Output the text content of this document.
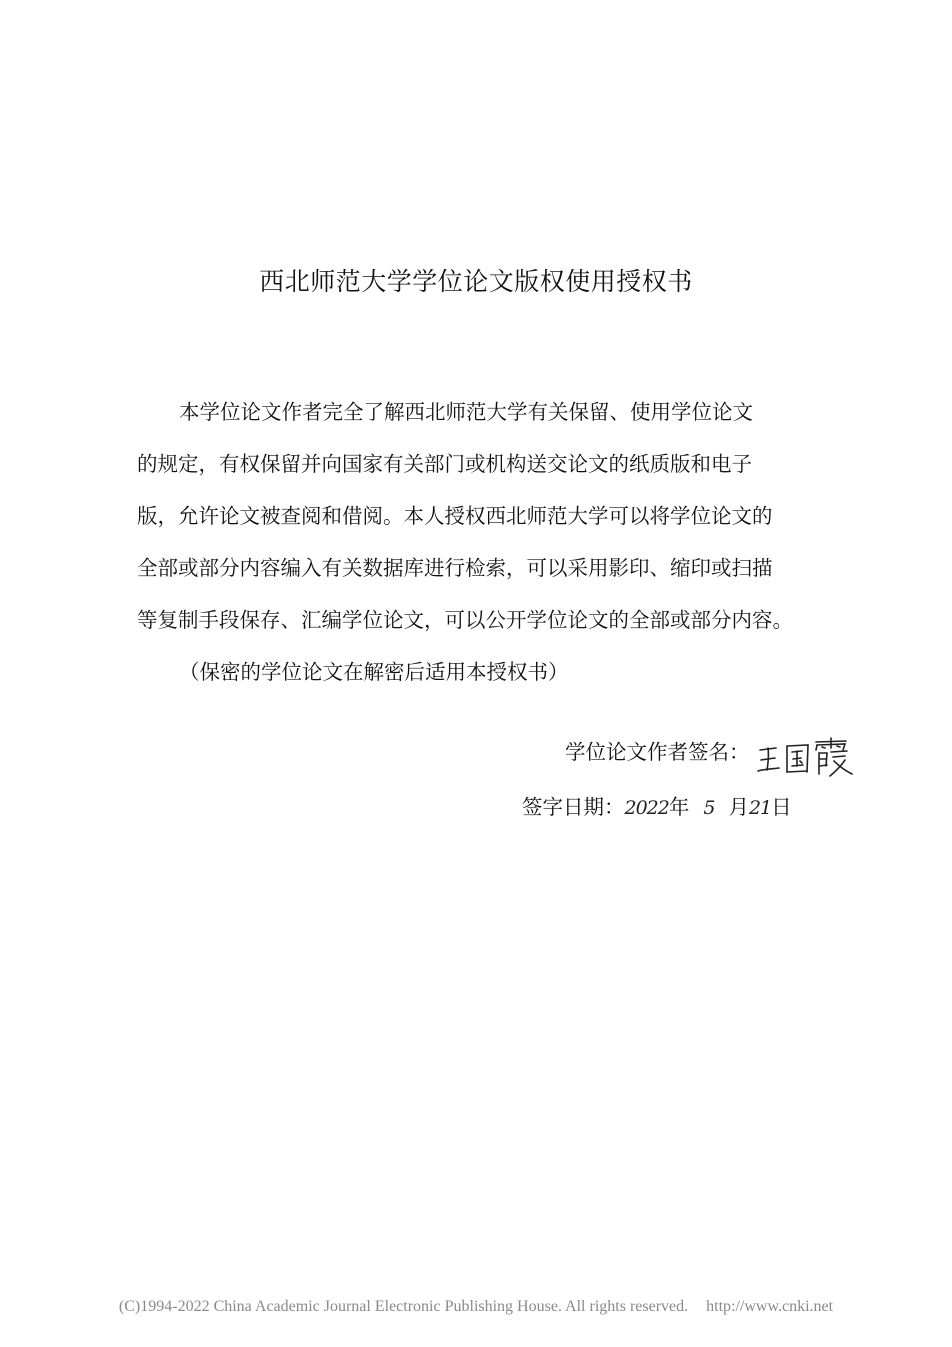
西北师范大学学位论文版权使用授权书
本学位论文作者完全了解西北师范大学有关保留、使用学位论文
的规定，有权保留并向国家有关部门或机构送交论文的纸质版和电子
版，允许论文被查阅和借阅。本人授权西北师范大学可以将学位论文的
全部或部分内容编入有关数据库进行检索，可以采用影印、缩印或扫描
等复制手段保存、汇编学位论文，可以公开学位论文的全部或部分内容。
（保密的学位论文在解密后适用本授权书）
学位论文作者签名：
签字日期：2022年 5 月21日
(C)1994-2022 China Academic Journal Electronic Publishing House. All rights reserved. http://www.cnki.net
